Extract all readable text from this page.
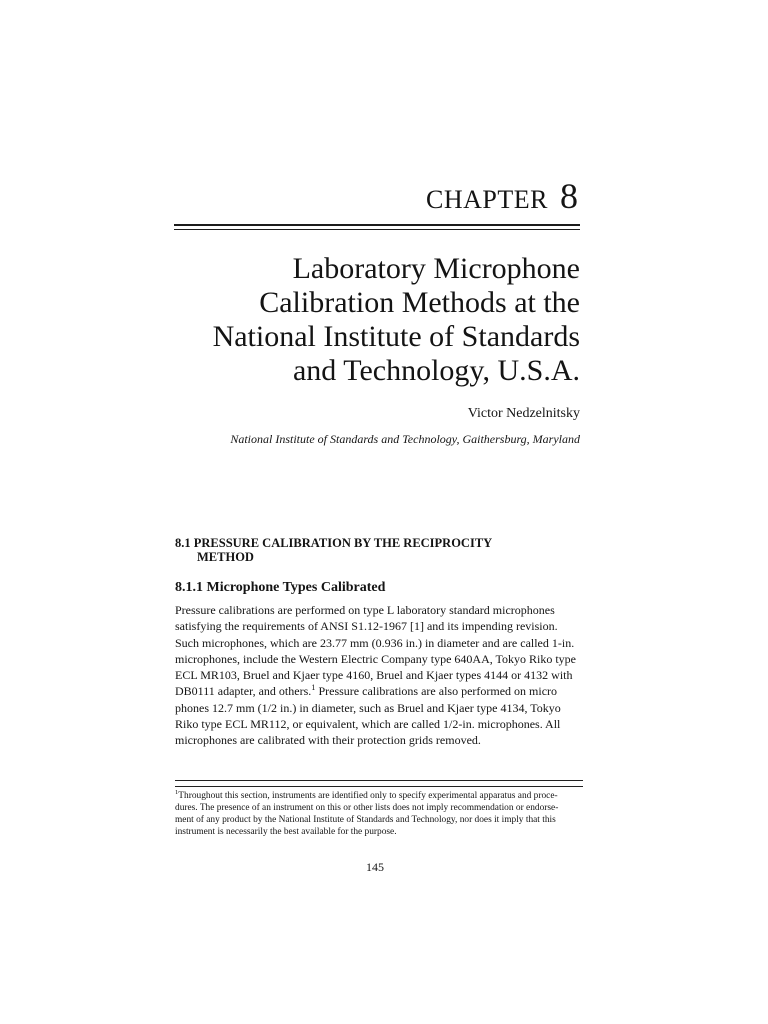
CHAPTER 8
Laboratory Microphone
Calibration Methods at the
National Institute of Standards
and Technology, U.S.A.
Victor Nedzelnitsky
National Institute of Standards and Technology, Gaithersburg, Maryland
8.1 PRESSURE CALIBRATION BY THE RECIPROCITY
METHOD
8.1.1 Microphone Types Calibrated
Pressure calibrations are performed on type L laboratory standard microphones
satisfying the requirements of ANSI S1.12-1967 [1] and its impending revision.
Such microphones, which are 23.77 mm (0.936 in.) in diameter and are called 1-in.
microphones, include the Western Electric Company type 640AA, Tokyo Riko type
ECL MR103, Bruel and Kjaer type 4160, Bruel and Kjaer types 4144 or 4132 with
DB0111 adapter, and others.$^1$ Pressure calibrations are also performed on micro
phones 12.7 mm (1/2 in.) in diameter, such as Bruel and Kjaer type 4134, Tokyo
Riko type ECL MR112, or equivalent, which are called 1/2-in. microphones. All
microphones are calibrated with their protection grids removed.
$^1$Throughout this section, instruments are identified only to specify experimental apparatus and proce-
dures. The presence of an instrument on this or other lists does not imply recommendation or endorse-
ment of any product by the National Institute of Standards and Technology, nor does it imply that this
instrument is necessarily the best available for the purpose.
145
